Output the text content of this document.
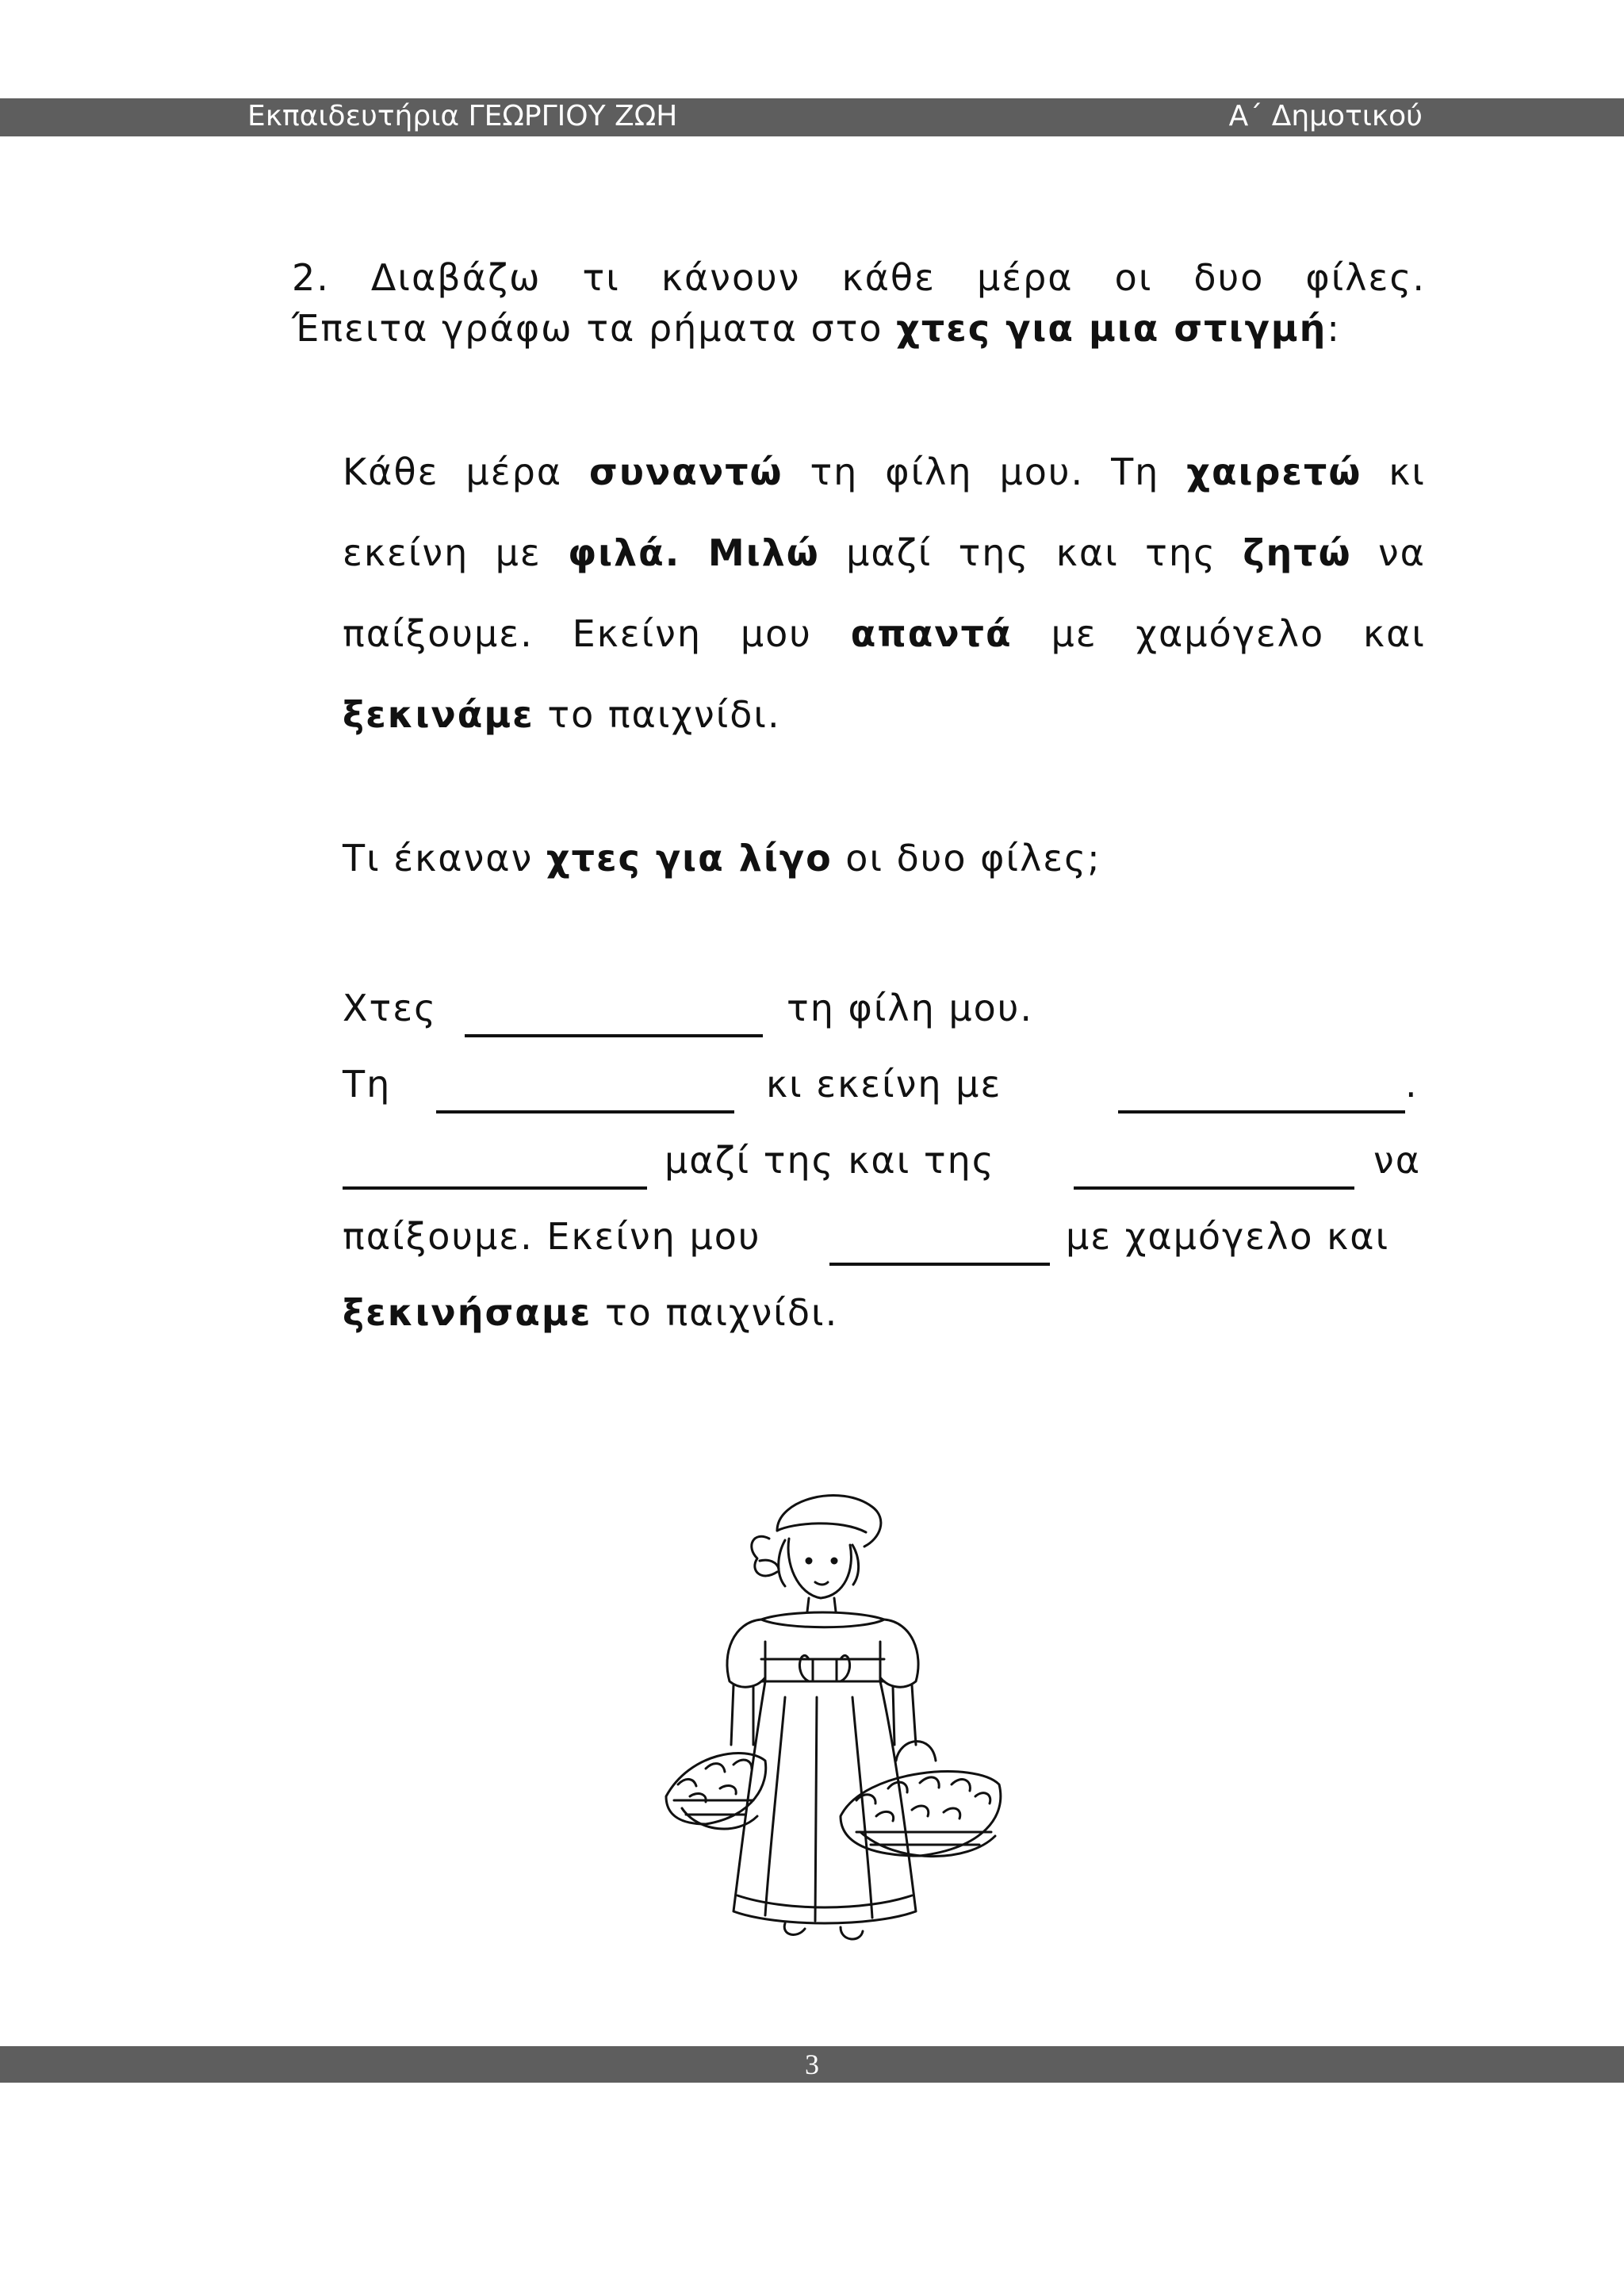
Εκπαιδευτήρια ΓΕΩΡΓΙΟΥ ΖΩΗ	Α΄ Δημοτικού
2. Διαβάζω τι κάνουν κάθε μέρα οι δυο φίλες.
Έπειτα γράφω τα ρήματα στο χτες για μια στιγμή:
Κάθε μέρα συναντώ τη φίλη μου. Τη χαιρετώ κι
εκείνη με φιλά. Μιλώ μαζί της και της ζητώ να
παίξουμε. Εκείνη μου απαντά με χαμόγελο και
ξεκινάμε το παιχνίδι.
Τι έκαναν χτες για λίγο οι δυο φίλες;
Χτες	τη φίλη μου.
Τη	κι εκείνη με	.
μαζί της και της	να
παίξουμε. Εκείνη μου	με χαμόγελο και
ξεκινήσαμε το παιχνίδι.
3
